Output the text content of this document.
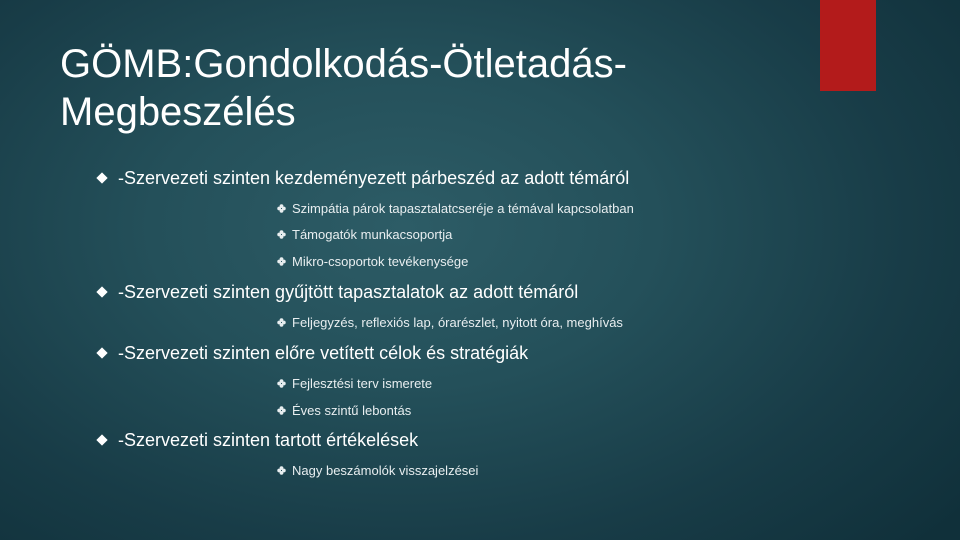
GÖMB:Gondolkodás-Ötletadás-
Megbeszélés
-Szervezeti szinten kezdeményezett párbeszéd az adott témáról
Szimpátia párok tapasztalatcseréje a témával kapcsolatban
Támogatók munkacsoportja
Mikro-csoportok tevékenysége
-Szervezeti szinten gyűjtött tapasztalatok az adott témáról
Feljegyzés, reflexiós lap, órarészlet, nyitott óra, meghívás
-Szervezeti szinten előre vetített célok és stratégiák
Fejlesztési terv ismerete
Éves szintű lebontás
-Szervezeti szinten tartott értékelések
Nagy beszámolók visszajelzései
